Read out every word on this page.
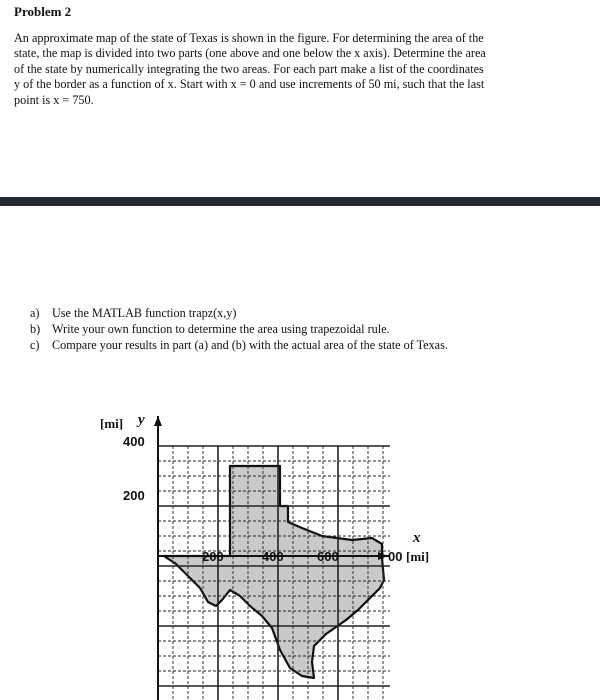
Problem 2
An approximate map of the state of Texas is shown in the figure. For determining the area of the
state, the map is divided into two parts (one above and one below the x axis). Determine the area
of the state by numerically integrating the two areas. For each part make a list of the coordinates
y of the border as a function of x. Start with x = 0 and use increments of 50 mi, such that the last
point is x = 750.
a) Use the MATLAB function trapz(x,y)
b) Write your own function to determine the area using trapezoidal rule.
c) Compare your results in part (a) and (b) with the actual area of the state of Texas.
[mi] y
400
200
x
200	400	600	00 [mi]
